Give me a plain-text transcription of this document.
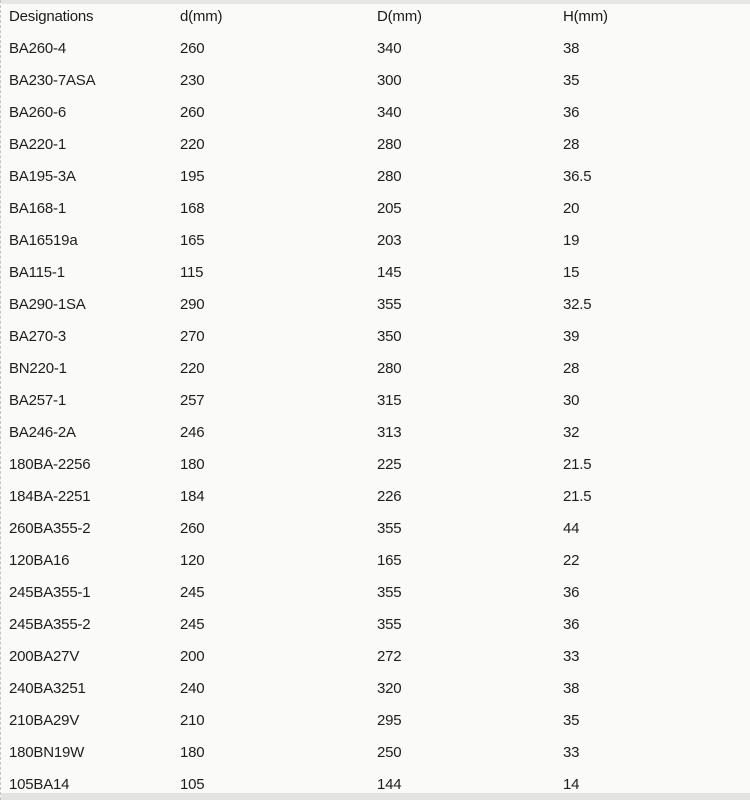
Designations	d(mm)	D(mm)	H(mm)
BA260-4	260	340	38
BA230-7ASA	230	300	35
BA260-6	260	340	36
BA220-1	220	280	28
BA195-3A	195	280	36.5
BA168-1	168	205	20
BA16519a	165	203	19
BA115-1	115	145	15
BA290-1SA	290	355	32.5
BA270-3	270	350	39
BN220-1	220	280	28
BA257-1	257	315	30
BA246-2A	246	313	32
180BA-2256	180	225	21.5
184BA-2251	184	226	21.5
260BA355-2	260	355	44
120BA16	120	165	22
245BA355-1	245	355	36
245BA355-2	245	355	36
200BA27V	200	272	33
240BA3251	240	320	38
210BA29V	210	295	35
180BN19W	180	250	33
105BA14	105	144	14
